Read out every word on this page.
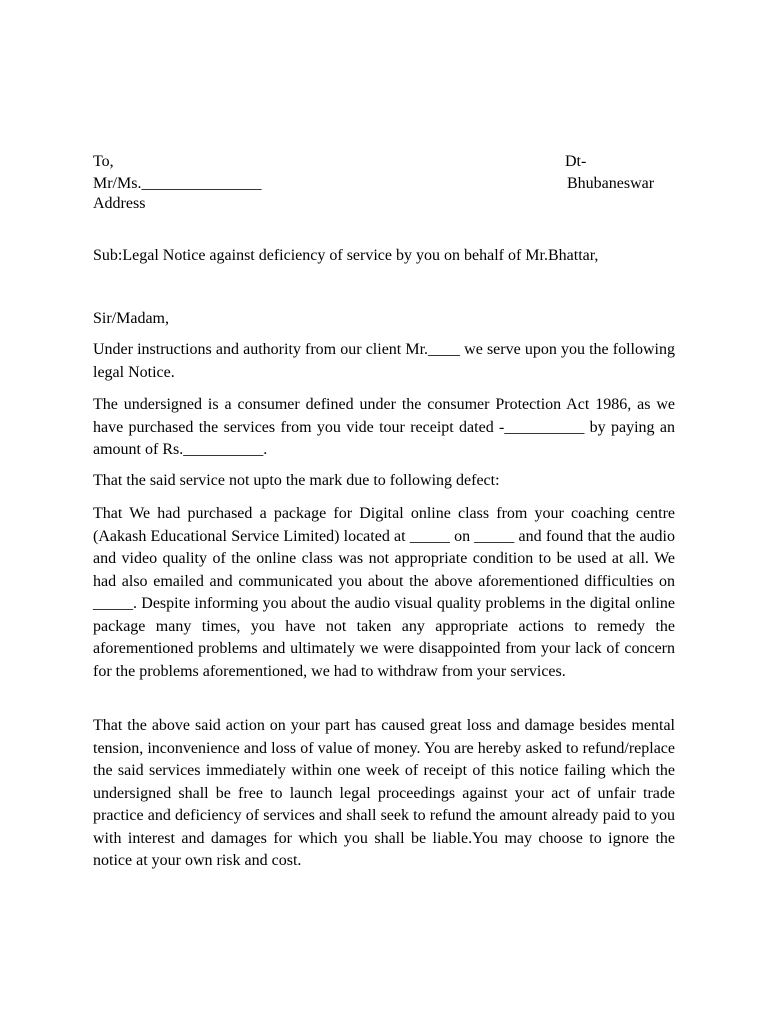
To,	Dt-
Mr/Ms._______________	Bhubaneswar
Address
Sub:Legal Notice against deficiency of service by you on behalf of Mr.Bhattar,
Sir/Madam,
Under instructions and authority from our client Mr.____ we serve upon you the following legal Notice.
The undersigned is a consumer defined under the consumer Protection Act 1986, as we have purchased the services from you vide tour receipt dated -__________ by paying an amount of Rs.__________.
That the said service not upto the mark due to following defect:
That We had purchased a package for Digital online class from your coaching centre (Aakash Educational Service Limited) located at _____ on _____ and found that the audio and video quality of the online class was not appropriate condition to be used at all. We had also emailed and communicated you about the above aforementioned difficulties on _____. Despite informing you about the audio visual quality problems in the digital online package many times, you have not taken any appropriate actions to remedy the aforementioned problems and ultimately we were disappointed from your lack of concern for the problems aforementioned, we had to withdraw from your services.
That the above said action on your part has caused great loss and damage besides mental tension, inconvenience and loss of value of money. You are hereby asked to refund/replace the said services immediately within one week of receipt of this notice failing which the undersigned shall be free to launch legal proceedings against your act of unfair trade practice and deficiency of services and shall seek to refund the amount already paid to you with interest and damages for which you shall be liable.You may choose to ignore the notice at your own risk and cost.
